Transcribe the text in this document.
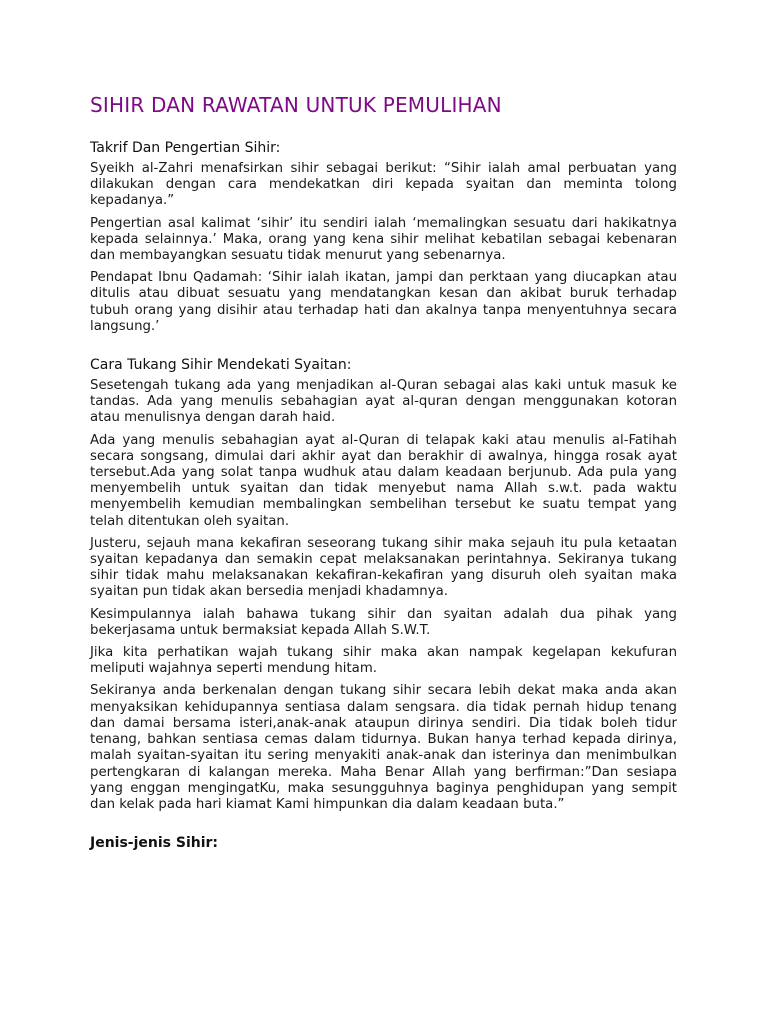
SIHIR DAN RAWATAN UNTUK PEMULIHAN
Takrif Dan Pengertian Sihir:

Syeikh al-Zahri menafsirkan sihir sebagai berikut: “Sihir ialah amal perbuatan yang dilakukan dengan cara mendekatkan diri kepada syaitan dan meminta tolong kepadanya.”

Pengertian asal kalimat ‘sihir’ itu sendiri ialah ‘memalingkan sesuatu dari hakikatnya kepada selainnya.’ Maka, orang yang kena sihir melihat kebatilan sebagai kebenaran dan membayangkan sesuatu tidak menurut yang sebenarnya.

Pendapat Ibnu Qadamah: ‘Sihir ialah ikatan, jampi dan perktaan yang diucapkan atau ditulis atau dibuat sesuatu yang mendatangkan kesan dan akibat buruk terhadap tubuh orang yang disihir atau terhadap hati dan akalnya tanpa menyentuhnya secara langsung.’

Cara Tukang Sihir Mendekati Syaitan:

Sesetengah tukang ada yang menjadikan al-Quran sebagai alas kaki untuk masuk ke tandas. Ada yang menulis sebahagian ayat al-quran dengan menggunakan kotoran atau menulisnya dengan darah haid.

Ada yang menulis sebahagian ayat al-Quran di telapak kaki atau menulis al-Fatihah secara songsang, dimulai dari akhir ayat dan berakhir di awalnya, hingga rosak ayat tersebut.Ada yang solat tanpa wudhuk atau dalam keadaan berjunub. Ada pula yang menyembelih untuk syaitan dan tidak menyebut nama Allah s.w.t. pada waktu menyembelih kemudian membalingkan sembelihan tersebut ke suatu tempat yang telah ditentukan oleh syaitan.

Justeru, sejauh mana kekafiran seseorang tukang sihir maka sejauh itu pula ketaatan syaitan kepadanya dan semakin cepat melaksanakan perintahnya. Sekiranya tukang sihir tidak mahu melaksanakan kekafiran-kekafiran yang disuruh oleh syaitan maka syaitan pun tidak akan bersedia menjadi khadamnya.

Kesimpulannya ialah bahawa tukang sihir dan syaitan adalah dua pihak yang bekerjasama untuk bermaksiat kepada Allah S.W.T.

Jika kita perhatikan wajah tukang sihir maka akan nampak kegelapan kekufuran meliputi wajahnya seperti mendung hitam.

Sekiranya anda berkenalan dengan tukang sihir secara lebih dekat maka anda akan menyaksikan kehidupannya sentiasa dalam sengsara. dia tidak pernah hidup tenang dan damai bersama isteri,anak-anak ataupun dirinya sendiri. Dia tidak boleh tidur tenang, bahkan sentiasa cemas dalam tidurnya. Bukan hanya terhad kepada dirinya, malah syaitan-syaitan itu sering menyakiti anak-anak dan isterinya dan menimbulkan pertengkaran di kalangan mereka. Maha Benar Allah yang berfirman:”Dan sesiapa yang enggan mengingatKu, maka sesungguhnya baginya penghidupan yang sempit dan kelak pada hari kiamat Kami himpunkan dia dalam keadaan buta.”

Jenis-jenis Sihir:
